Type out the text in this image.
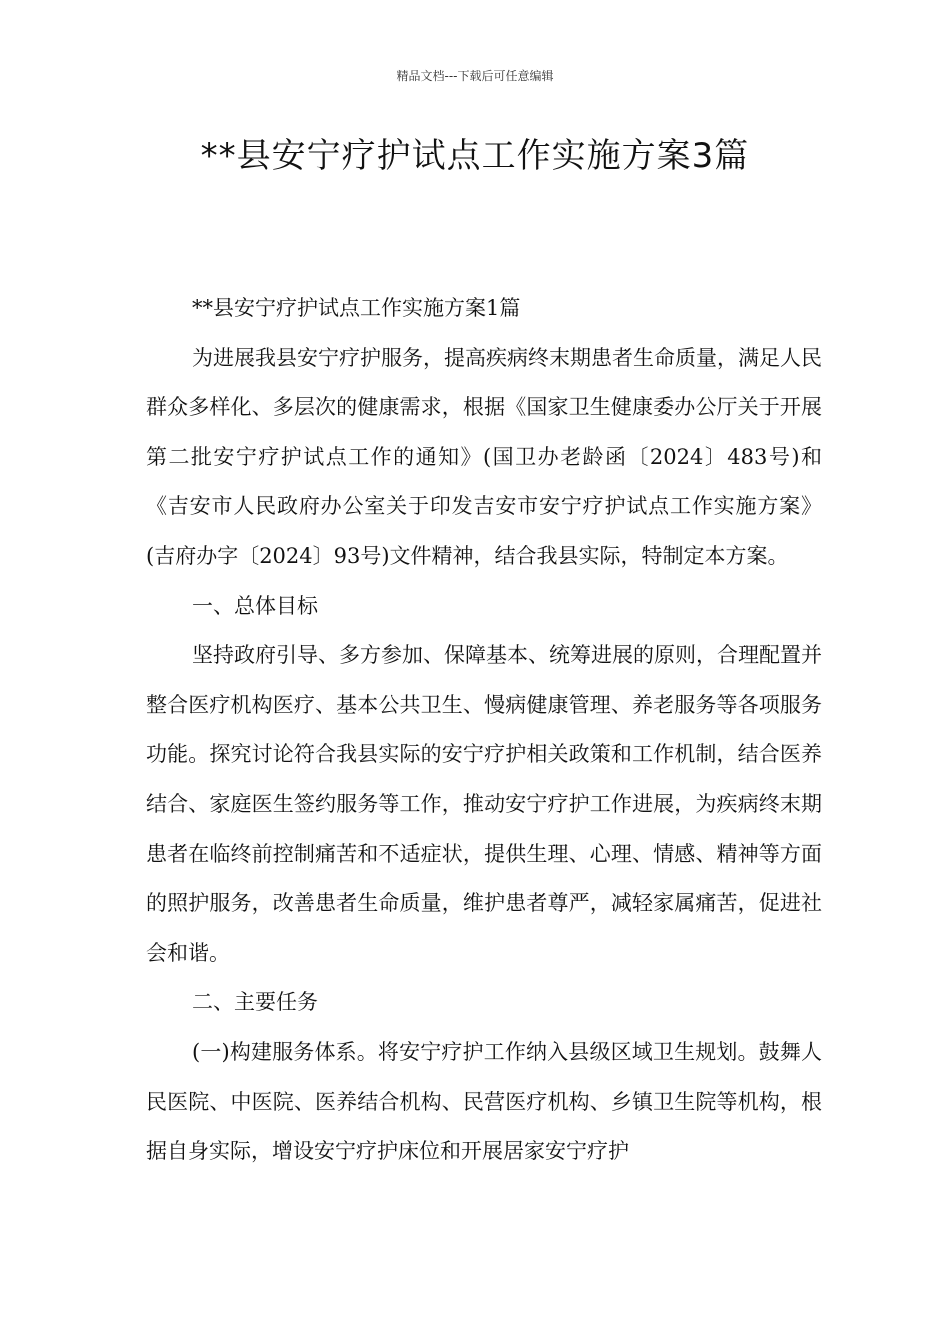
精品文档---下载后可任意编辑
**县安宁疗护试点工作实施方案3篇

**县安宁疗护试点工作实施方案1篇

为进展我县安宁疗护服务，提高疾病终末期患者生命质量，满足人民群众多样化、多层次的健康需求，根据《国家卫生健康委办公厅关于开展第二批安宁疗护试点工作的通知》(国卫办老龄函〔2024〕483号)和《吉安市人民政府办公室关于印发吉安市安宁疗护试点工作实施方案》(吉府办字〔2024〕93号)文件精神，结合我县实际，特制定本方案。

一、总体目标

坚持政府引导、多方参加、保障基本、统筹进展的原则，合理配置并整合医疗机构医疗、基本公共卫生、慢病健康管理、养老服务等各项服务功能。探究讨论符合我县实际的安宁疗护相关政策和工作机制，结合医养结合、家庭医生签约服务等工作，推动安宁疗护工作进展，为疾病终末期患者在临终前控制痛苦和不适症状，提供生理、心理、情感、精神等方面的照护服务，改善患者生命质量，维护患者尊严，减轻家属痛苦，促进社会和谐。

二、主要任务

(一)构建服务体系。将安宁疗护工作纳入县级区域卫生规划。鼓舞人民医院、中医院、医养结合机构、民营医疗机构、乡镇卫生院等机构，根据自身实际，增设安宁疗护床位和开展居家安宁疗护
